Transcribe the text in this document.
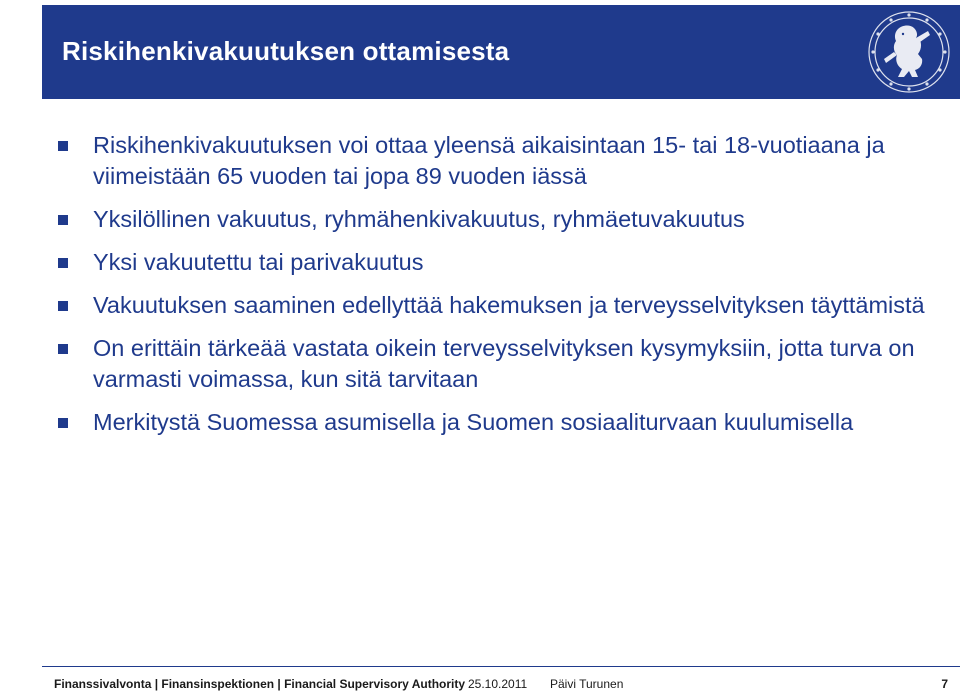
Riskihenkivakuutuksen ottamisesta
Riskihenkivakuutuksen voi ottaa yleensä aikaisintaan 15- tai 18-vuotiaana ja viimeistään 65 vuoden tai jopa 89 vuoden iässä
Yksilöllinen vakuutus, ryhmähenkivakuutus, ryhmäetuvakuutus
Yksi vakuutettu tai parivakuutus
Vakuutuksen saaminen edellyttää hakemuksen ja terveysselvityksen täyttämistä
On erittäin tärkeää vastata oikein terveysselvityksen kysymyksiin, jotta turva on varmasti voimassa, kun sitä tarvitaan
Merkitystä Suomessa asumisella ja Suomen sosiaaliturvaan kuulumisella
Finanssivalvonta | Finansinspektionen | Financial Supervisory Authority 25.10.2011 Päivi Turunen	7
